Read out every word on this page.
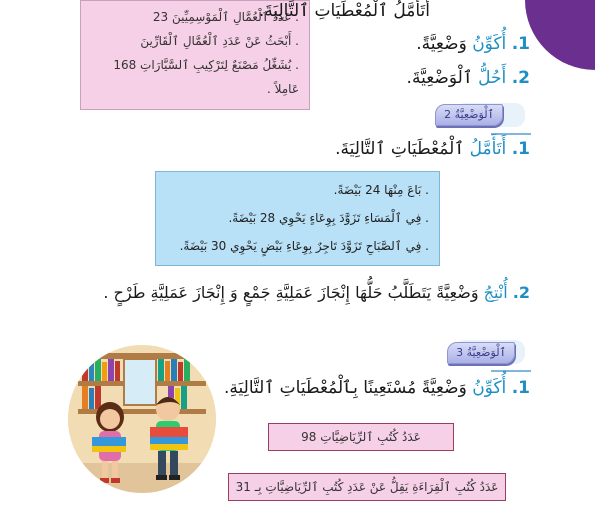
. عَدَدُ ٱلْعُمَّالِ ٱلْمَوْسِمِيِّينَ 23
. أَبْحَثُ عَنْ عَدَدِ ٱلْعُمَّالِ ٱلْقَارِّينَ
. يُشَغِّلُ مَصْنَعٌ لِتَرْكِيبِ ٱلسَّيَّارَاتِ 168
عَامِلاً .
أَتَأَمَّلُ ٱلْمُعْطَيَاتِ ٱلتَّالِيَةَ.
1. أُكَوِّنُ وَضْعِيَّةً.
2. أَحُلُّ ٱلْوَضْعِيَّةَ.
ٱلْوَضْعِيَّةُ 2
1. أَتَأَمَّلُ ٱلْمُعْطَيَاتِ ٱلتَّالِيَةَ.
. بَاعَ مِنْهَا 24 بَيْضَةً.
. فِي ٱلْمَسَاءِ تَزَوَّدَ بِوِعَاءٍ يَحْوِي 28 بَيْضَةً.
. فِي ٱلصَّبَاحِ تَزَوَّدَ تَاجِرٌ بِوِعَاءِ بَيْضٍ يَحْوِي 30 بَيْضَةً.
2. أُنْتِجُ وَضْعِيَّةً يَتَطَلَّبُ حَلُّهَا إِنْجَازَ عَمَلِيَّةِ جَمْعٍ وَ إِنْجَازَ عَمَلِيَّةِ طَرْحٍ .
ٱلْوَضْعِيَّةُ 3
1. أُكَوِّنُ وَضْعِيَّةً مُسْتَعِينًا بِٱلْمُعْطَيَاتِ ٱلتَّالِيَةِ.
عَدَدُ كُتُبِ ٱلرِّيَاضِيَّاتِ 98
عَدَدُ كُتُبِ ٱلْقِرَاءَةِ يَقِلُّ عَنْ عَدَدِ كُتُبِ ٱلرِّيَاضِيَّاتِ بِـ 31
